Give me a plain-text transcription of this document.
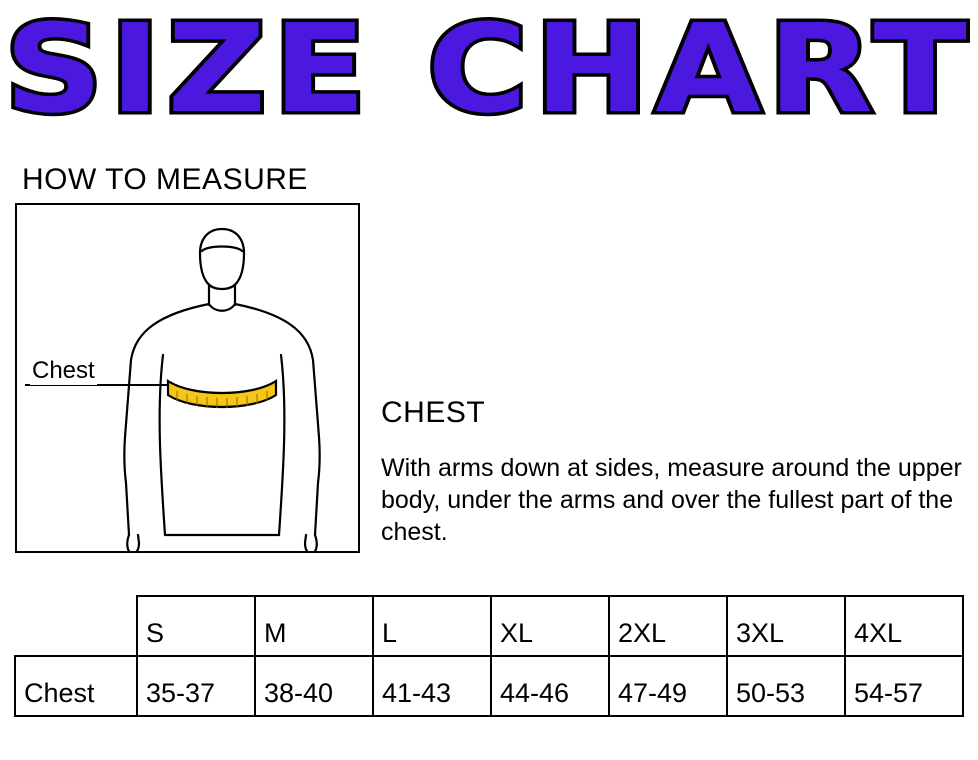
SIZE CHART
HOW TO MEASURE
Chest
CHEST
With arms down at sides, measure around the upper body, under the arms and over the fullest part of the chest.
	S	M	L	XL	2XL	3XL	4XL
Chest	35-37	38-40	41-43	44-46	47-49	50-53	54-57
